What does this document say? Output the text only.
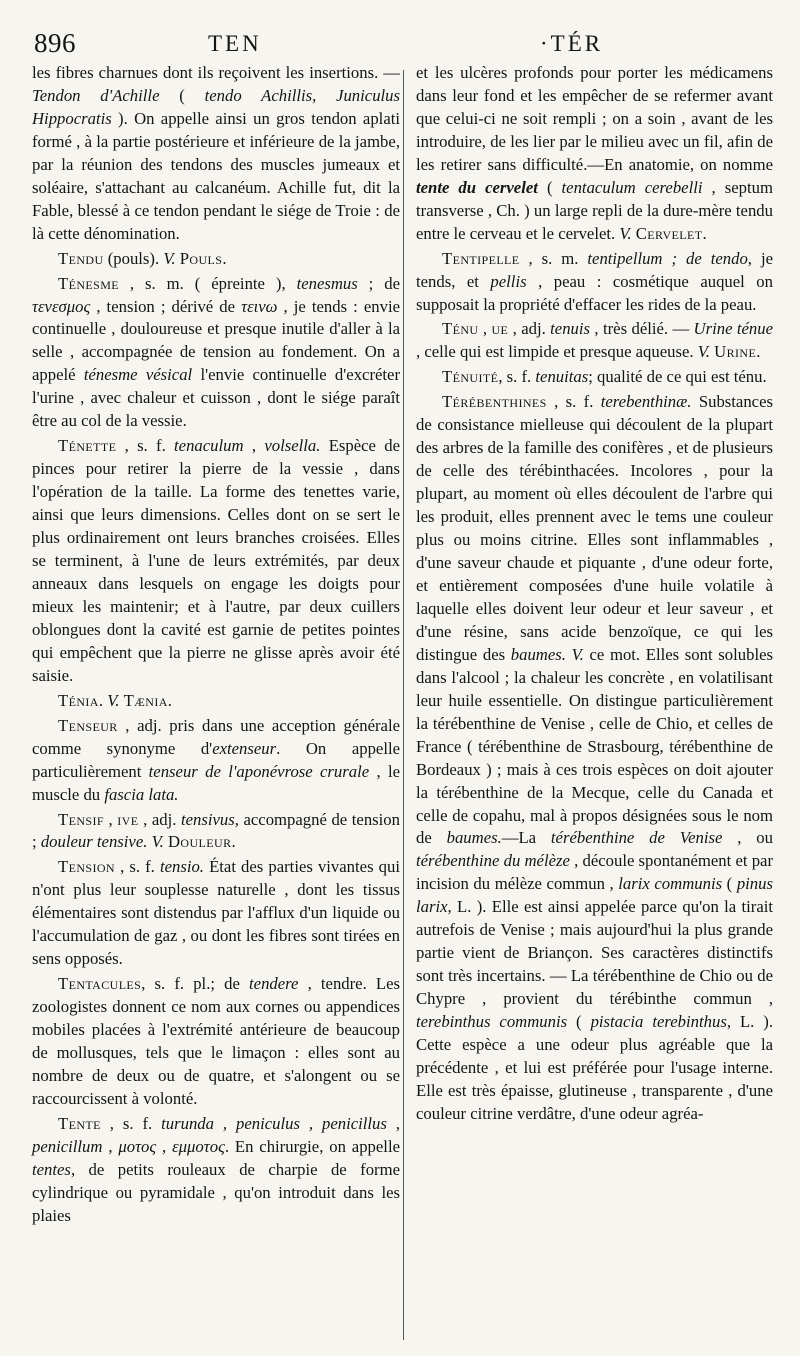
896	TEN	·TÉR

les fibres charnues dont ils reçoivent les insertions. — Tendon d'Achille ( tendo Achillis, Juniculus Hippocratis ). On appelle ainsi un gros tendon aplati formé , à la partie postérieure et inférieure de la jambe, par la réunion des tendons des muscles jumeaux et soléaire, s'attachant au calcanéum. Achille fut, dit la Fable, blessé à ce tendon pendant le siége de Troie : de là cette dénomination.

Tendu (pouls). V. Pouls.

Ténesme , s. m. ( épreinte ), tenesmus ; de τενεσμος , tension ; dérivé de τεινω , je tends : envie continuelle , douloureuse et presque inutile d'aller à la selle , accompagnée de tension au fondement. On a appelé ténesme vésical l'envie continuelle d'excréter l'urine , avec chaleur et cuisson , dont le siége paraît être au col de la vessie.

Ténette , s. f. tenaculum , volsella. Espèce de pinces pour retirer la pierre de la vessie , dans l'opération de la taille. La forme des tenettes varie, ainsi que leurs dimensions. Celles dont on se sert le plus ordinairement ont leurs branches croisées. Elles se terminent, à l'une de leurs extrémités, par deux anneaux dans lesquels on engage les doigts pour mieux les maintenir; et à l'autre, par deux cuillers oblongues dont la cavité est garnie de petites pointes qui empêchent que la pierre ne glisse après avoir été saisie.

Ténia. V. Tænia.

Tenseur , adj. pris dans une acception générale comme synonyme d'extenseur. On appelle particulièrement tenseur de l'aponévrose crurale , le muscle du fascia lata.

Tensif , ive , adj. tensivus, accompagné de tension ; douleur tensive. V. Douleur.

Tension , s. f. tensio. État des parties vivantes qui n'ont plus leur souplesse naturelle , dont les tissus élémentaires sont distendus par l'afflux d'un liquide ou l'accumulation de gaz , ou dont les fibres sont tirées en sens opposés.

Tentacules, s. f. pl.; de tendere , tendre. Les zoologistes donnent ce nom aux cornes ou appendices mobiles placées à l'extrémité antérieure de beaucoup de mollusques, tels que le limaçon : elles sont au nombre de deux ou de quatre, et s'alongent ou se raccourcissent à volonté.

Tente , s. f. turunda , peniculus , penicillus , penicillum , μοτος , εμμοτος. En chirurgie, on appelle tentes, de petits rouleaux de charpie de forme cylindrique ou pyramidale , qu'on introduit dans les plaies

et les ulcères profonds pour porter les médicamens dans leur fond et les empêcher de se refermer avant que celui-ci ne soit rempli ; on a soin , avant de les introduire, de les lier par le milieu avec un fil, afin de les retirer sans difficulté.—En anatomie, on nomme tente du cervelet ( tentaculum cerebelli , septum transverse , Ch. ) un large repli de la dure-mère tendu entre le cerveau et le cervelet. V. Cervelet.

Tentipelle , s. m. tentipellum ; de tendo, je tends, et pellis , peau : cosmétique auquel on supposait la propriété d'effacer les rides de la peau.

Ténu , ue , adj. tenuis , très délié. — Urine ténue , celle qui est limpide et presque aqueuse. V. Urine.

Ténuité, s. f. tenuitas; qualité de ce qui est ténu.

Térébenthines , s. f. terebenthinæ. Substances de consistance mielleuse qui découlent de la plupart des arbres de la famille des conifères , et de plusieurs de celle des térébinthacées. Incolores , pour la plupart, au moment où elles découlent de l'arbre qui les produit, elles prennent avec le tems une couleur plus ou moins citrine. Elles sont inflammables , d'une saveur chaude et piquante , d'une odeur forte, et entièrement composées d'une huile volatile à laquelle elles doivent leur odeur et leur saveur , et d'une résine, sans acide benzoïque, ce qui les distingue des baumes. V. ce mot. Elles sont solubles dans l'alcool ; la chaleur les concrète , en volatilisant leur huile essentielle. On distingue particulièrement la térébenthine de Venise , celle de Chio, et celles de France ( térébenthine de Strasbourg, térébenthine de Bordeaux ) ; mais à ces trois espèces on doit ajouter la térébenthine de la Mecque, celle du Canada et celle de copahu, mal à propos désignées sous le nom de baumes.—La térébenthine de Venise , ou térébenthine du mélèze , découle spontanément et par incision du mélèze commun , larix communis ( pinus larix, L. ). Elle est ainsi appelée parce qu'on la tirait autrefois de Venise ; mais aujourd'hui la plus grande partie vient de Briançon. Ses caractères distinctifs sont très incertains. — La térébenthine de Chio ou de Chypre , provient du térébinthe commun , terebinthus communis ( pistacia terebinthus, L. ). Cette espèce a une odeur plus agréable que la précédente , et lui est préférée pour l'usage interne. Elle est très épaisse, glutineuse , transparente , d'une couleur citrine verdâtre, d'une odeur agréa-
